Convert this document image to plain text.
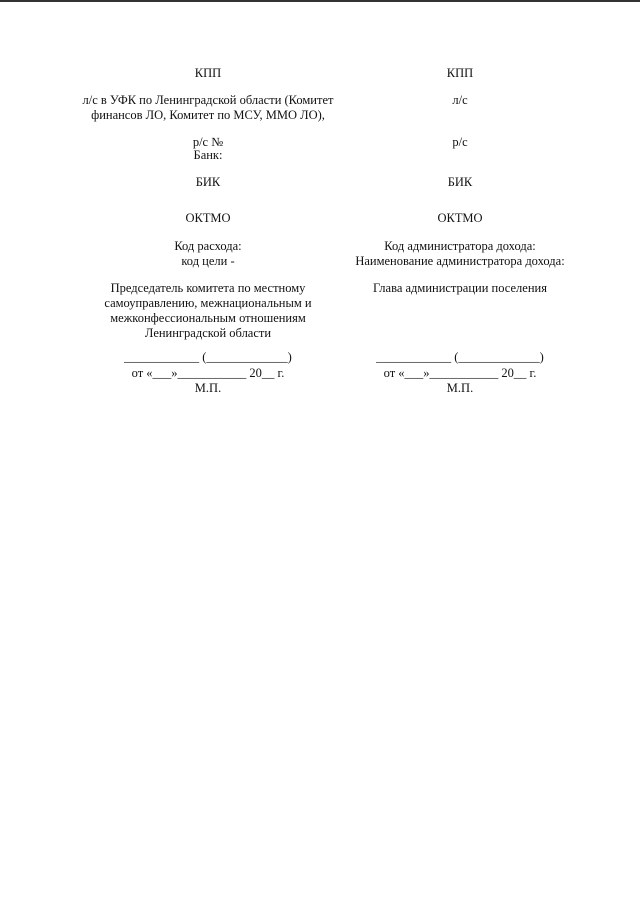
КПП
л/с в УФК по Ленинградской области (Комитет
финансов ЛО, Комитет по МСУ, ММО ЛО),
р/с №
Банк:
БИК
ОКТМО
Код расхода:
код цели -
Председатель комитета по местному
самоуправлению, межнациональным и
межконфессиональным отношениям
Ленинградской области
____________ (_____________)
от «___»___________ 20__ г.
М.П.
КПП
л/с
р/с
БИК
ОКТМО
Код администратора дохода:
Наименование администратора дохода:
Глава администрации поселения
____________ (_____________)
от «___»___________ 20__ г.
М.П.
